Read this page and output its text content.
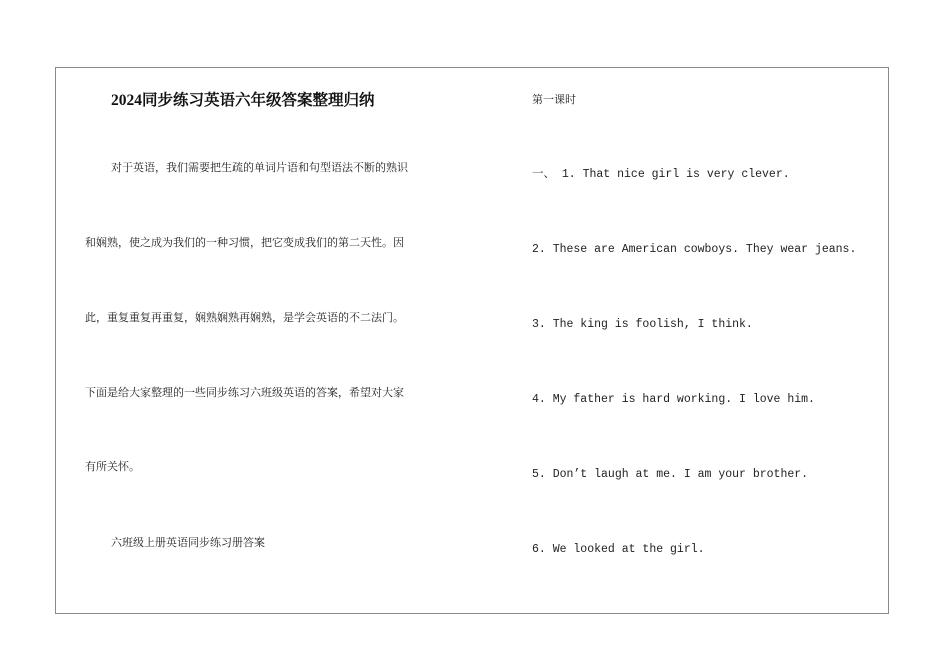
2024同步练习英语六年级答案整理归纳
对于英语，我们需要把生疏的单词片语和句型语法不断的熟识
和娴熟，使之成为我们的一种习惯，把它变成我们的第二天性。因
此，重复重复再重复，娴熟娴熟再娴熟，是学会英语的不二法门。
下面是给大家整理的一些同步练习六班级英语的答案，希望对大家
有所关怀。
六班级上册英语同步练习册答案
第一课时
一、 1. That nice girl is very clever.
2. These are American cowboys. They wear jeans.
3. The king is foolish, I think.
4. My father is hard working. I love him.
5. Don’t laugh at me. I am your brother.
6. We looked at the girl.
